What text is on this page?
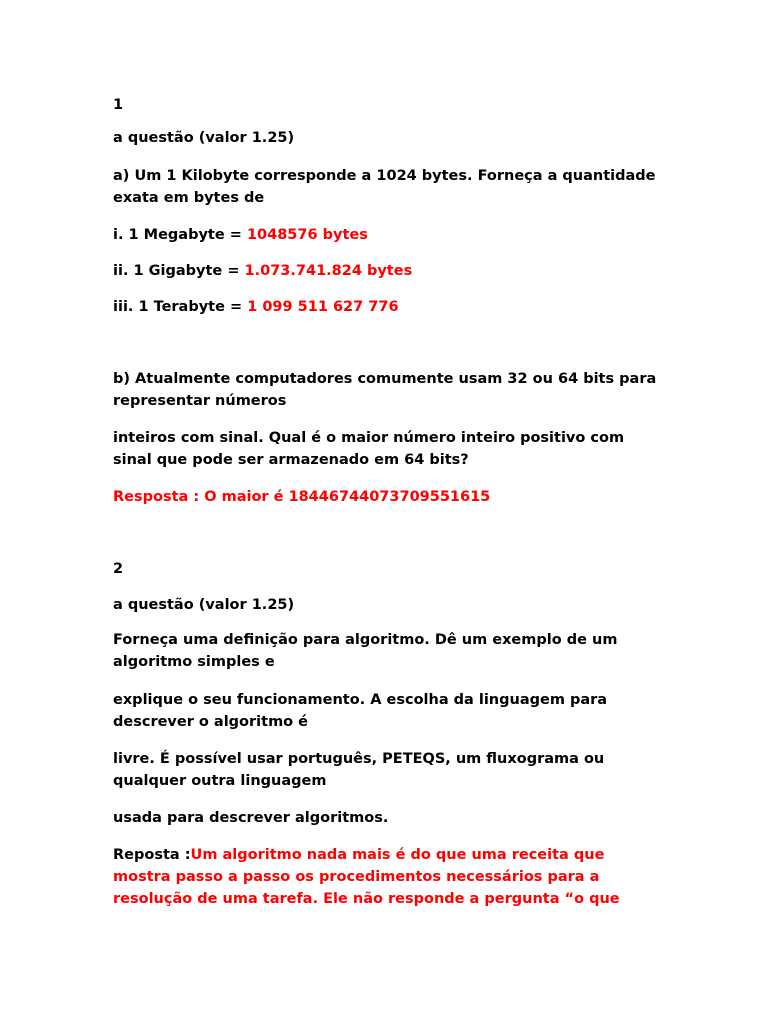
1

a questão (valor 1.25)

a) Um 1 Kilobyte corresponde a 1024 bytes. Forneça a quantidade

exata em bytes de

i. 1 Megabyte = 1048576 bytes

ii. 1 Gigabyte = 1.073.741.824 bytes

iii. 1 Terabyte = 1 099 511 627 776

b) Atualmente computadores comumente usam 32 ou 64 bits para

representar números

inteiros com sinal. Qual é o maior número inteiro positivo com

sinal que pode ser armazenado em 64 bits?

Resposta : O maior é 18446744073709551615

2

a questão (valor 1.25)

Forneça uma definição para algoritmo. Dê um exemplo de um

algoritmo simples e

explique o seu funcionamento. A escolha da linguagem para

descrever o algoritmo é

livre. É possível usar português, PETEQS, um fluxograma ou

qualquer outra linguagem

usada para descrever algoritmos.

Reposta :Um algoritmo nada mais é do que uma receita que

mostra passo a passo os procedimentos necessários para a

resolução de uma tarefa. Ele não responde a pergunta “o que
